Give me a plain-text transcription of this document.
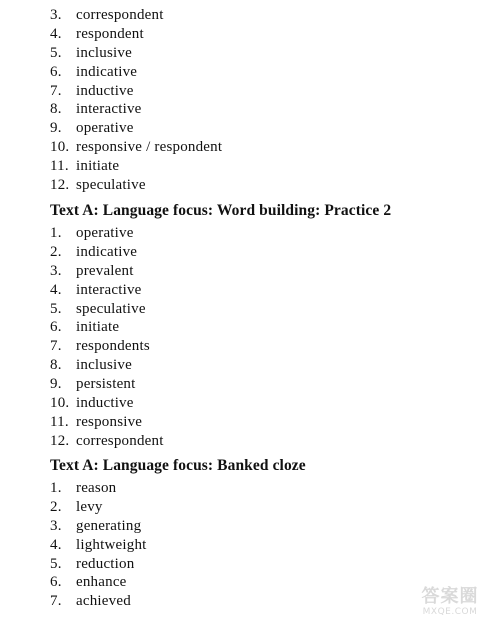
3. correspondent
4. respondent
5. inclusive
6. indicative
7. inductive
8. interactive
9. operative
10. responsive / respondent
11. initiate
12. speculative
Text A: Language focus: Word building: Practice 2
1. operative
2. indicative
3. prevalent
4. interactive
5. speculative
6. initiate
7. respondents
8. inclusive
9. persistent
10. inductive
11. responsive
12. correspondent
Text A: Language focus: Banked cloze
1. reason
2. levy
3. generating
4. lightweight
5. reduction
6. enhance
7. achieved	答案圈
MXQE.COM
